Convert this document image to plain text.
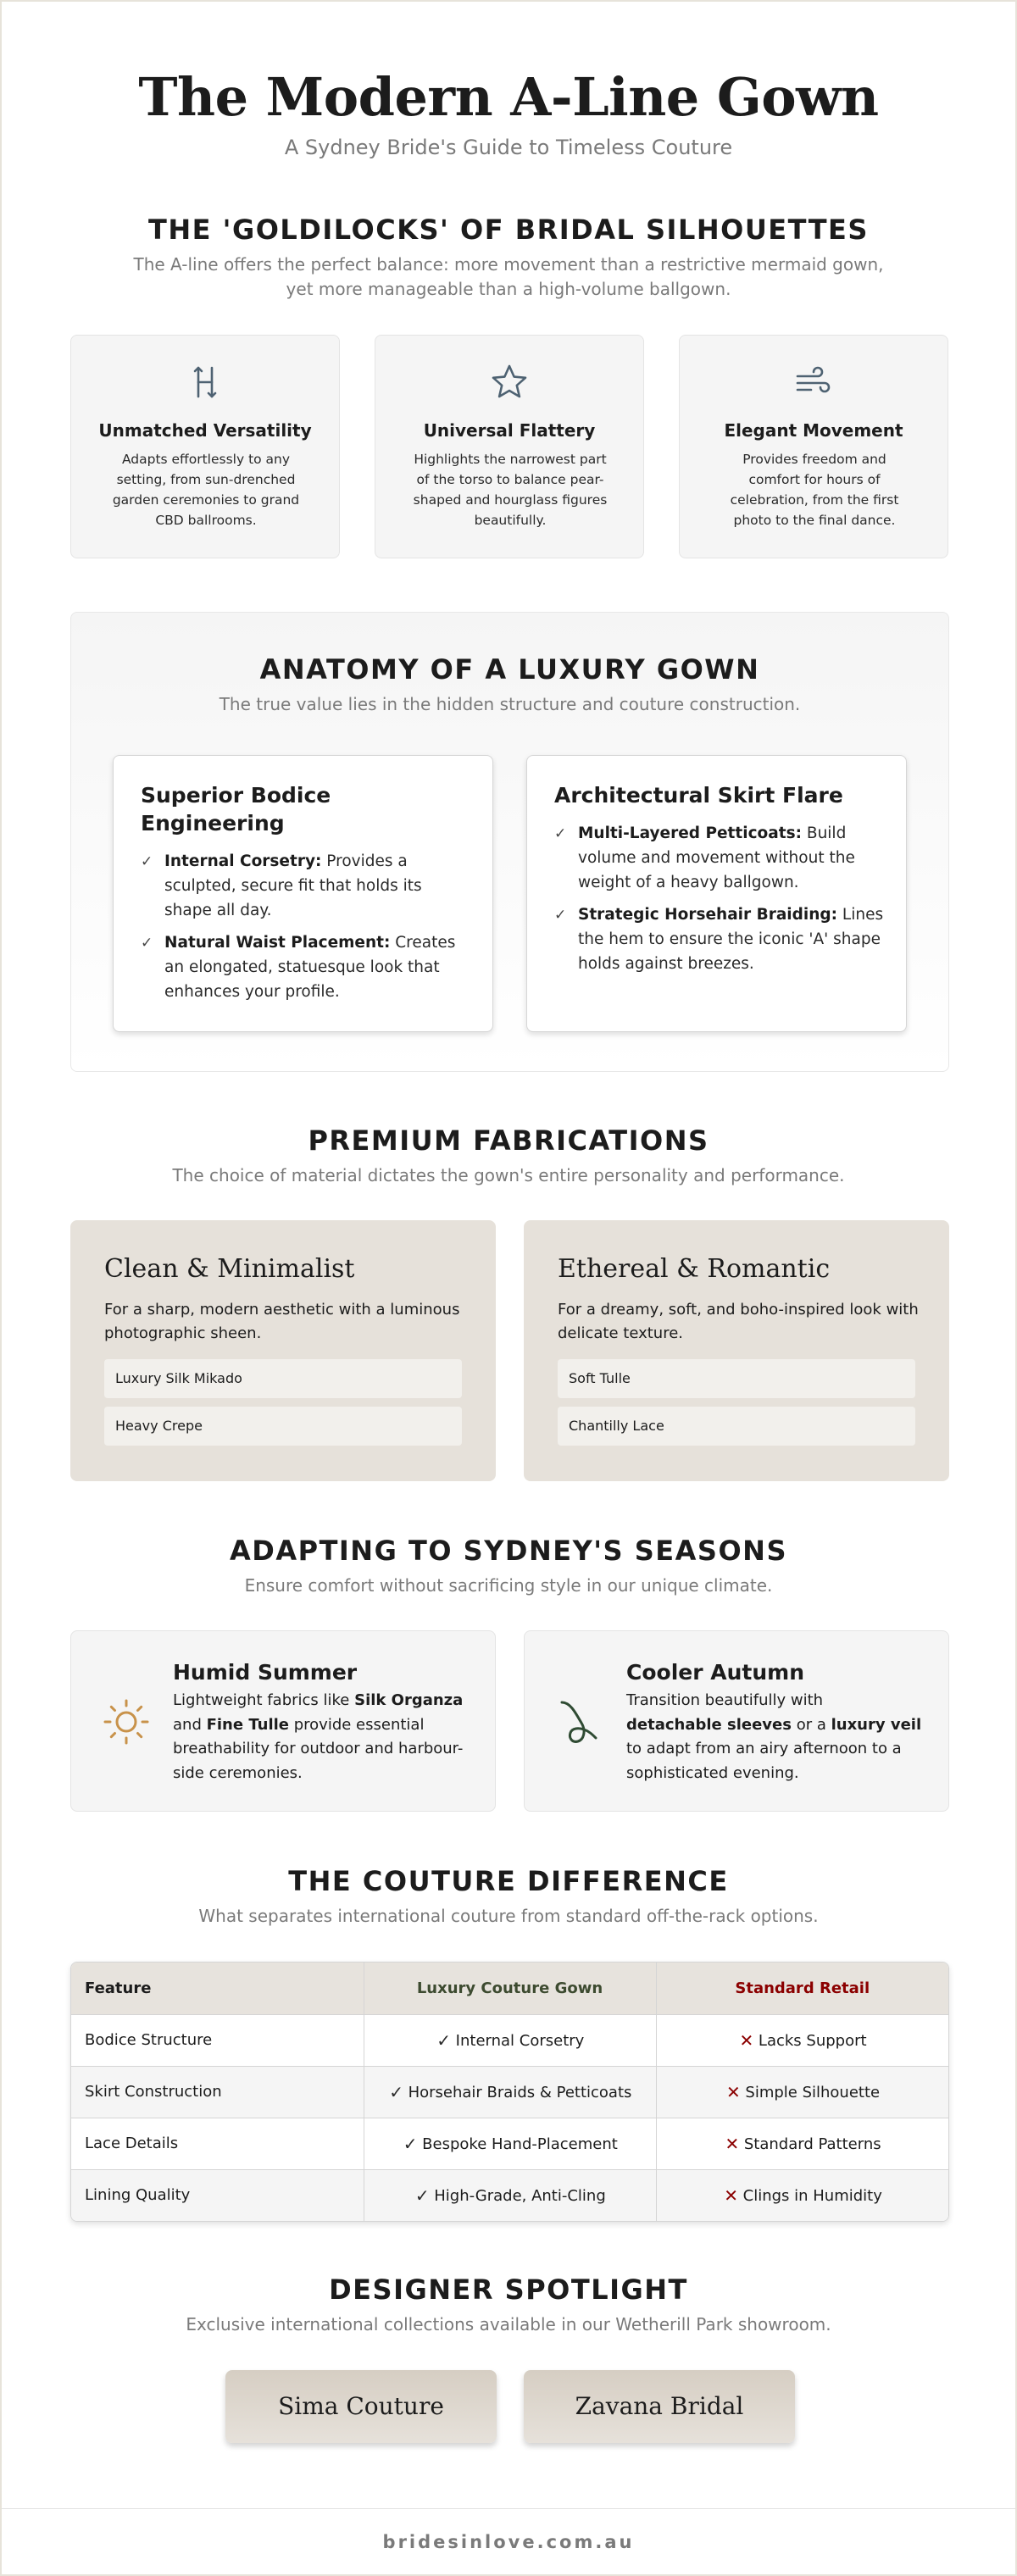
The Modern A-Line Gown
A Sydney Bride's Guide to Timeless Couture
THE 'GOLDILOCKS' OF BRIDAL SILHOUETTES
The A-line offers the perfect balance: more movement than a restrictive mermaid gown,
yet more manageable than a high-volume ballgown.
Unmatched Versatility
Adapts effortlessly to any setting, from sun-drenched garden ceremonies to grand CBD ballrooms.
Universal Flattery
Highlights the narrowest part of the torso to balance pear-shaped and hourglass figures beautifully.
Elegant Movement
Provides freedom and comfort for hours of celebration, from the first photo to the final dance.
ANATOMY OF A LUXURY GOWN
The true value lies in the hidden structure and couture construction.
Superior Bodice
Engineering
✓ Internal Corsetry: Provides a sculpted, secure fit that holds its shape all day.
✓ Natural Waist Placement: Creates an elongated, statuesque look that enhances your profile.
Architectural Skirt Flare
✓ Multi-Layered Petticoats: Build volume and movement without the weight of a heavy ballgown.
✓ Strategic Horsehair Braiding: Lines the hem to ensure the iconic 'A' shape holds against breezes.
PREMIUM FABRICATIONS
The choice of material dictates the gown's entire personality and performance.
Clean & Minimalist
For a sharp, modern aesthetic with a luminous photographic sheen.
Luxury Silk Mikado
Heavy Crepe
Ethereal & Romantic
For a dreamy, soft, and boho-inspired look with delicate texture.
Soft Tulle
Chantilly Lace
ADAPTING TO SYDNEY'S SEASONS
Ensure comfort without sacrificing style in our unique climate.
Humid Summer
Lightweight fabrics like Silk Organza and Fine Tulle provide essential breathability for outdoor and harbour-side ceremonies.
Cooler Autumn
Transition beautifully with detachable sleeves or a luxury veil to adapt from an airy afternoon to a sophisticated evening.
THE COUTURE DIFFERENCE
What separates international couture from standard off-the-rack options.
Feature	Luxury Couture Gown	Standard Retail
Bodice Structure	✓ Internal Corsetry	✕ Lacks Support
Skirt Construction	✓ Horsehair Braids & Petticoats	✕ Simple Silhouette
Lace Details	✓ Bespoke Hand-Placement	✕ Standard Patterns
Lining Quality	✓ High-Grade, Anti-Cling	✕ Clings in Humidity
DESIGNER SPOTLIGHT
Exclusive international collections available in our Wetherill Park showroom.
Sima Couture	Zavana Bridal
bridesinlove.com.au
